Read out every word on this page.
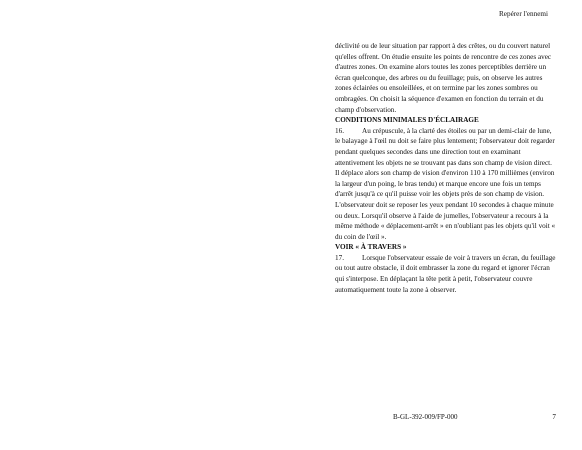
Repérer l'ennemi

déclivité ou de leur situation par rapport à des crêtes, ou du couvert naturel qu'elles offrent. On étudie ensuite les points de rencontre de ces zones avec d'autres zones. On examine alors toutes les zones perceptibles derrière un écran quelconque, des arbres ou du feuillage; puis, on observe les autres zones éclairées ou ensoleillées, et on termine par les zones sombres ou ombragées. On choisit la séquence d'examen en fonction du terrain et du champ d'observation.

CONDITIONS MINIMALES D'ÉCLAIRAGE

16.	Au crépuscule, à la clarté des étoiles ou par un demi-clair de lune, le balayage à l'œil nu doit se faire plus lentement; l'observateur doit regarder pendant quelques secondes dans une direction tout en examinant attentivement les objets ne se trouvant pas dans son champ de vision direct. Il déplace alors son champ de vision d'environ 110 à 170 millièmes (environ la largeur d'un poing, le bras tendu) et marque encore une fois un temps d'arrêt jusqu'à ce qu'il puisse voir les objets près de son champ de vision. L'observateur doit se reposer les yeux pendant 10 secondes à chaque minute ou deux. Lorsqu'il observe à l'aide de jumelles, l'observateur a recours à la même méthode « déplacement-arrêt » en n'oubliant pas les objets qu'il voit « du coin de l'œil ».

VOIR « À TRAVERS »

17.	Lorsque l'observateur essaie de voir à travers un écran, du feuillage ou tout autre obstacle, il doit embrasser la zone du regard et ignorer l'écran qui s'interpose. En déplaçant la tête petit à petit, l'observateur couvre automatiquement toute la zone à observer.

B-GL-392-009/FP-000	7
